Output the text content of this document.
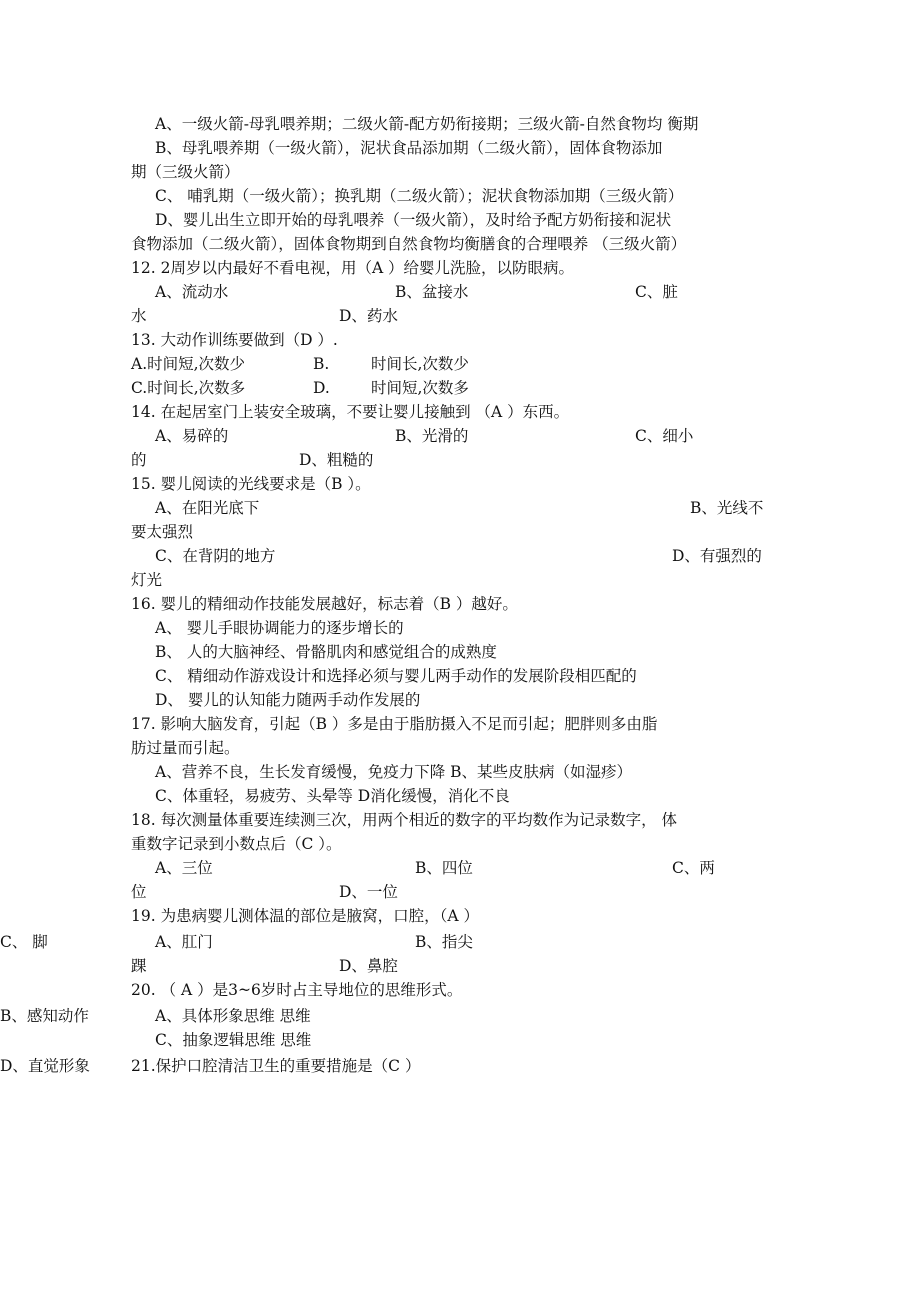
A、一级火箭-母乳喂养期；二级火箭-配方奶衔接期；三级火箭-自然食物均 衡期
B、母乳喂养期（一级火箭），泥状食品添加期（二级火箭），固体食物添加
期（三级火箭）
C、 哺乳期（一级火箭）；换乳期（二级火箭）；泥状食物添加期（三级火箭）
D、婴儿出生立即开始的母乳喂养（一级火箭），及时给予配方奶衔接和泥状
食物添加（二级火箭），固体食物期到自然食物均衡膳食的合理喂养 （三级火箭）
12. 2周岁以内最好不看电视，用（A ）给婴儿洗脸，以防眼病。
A、流动水	B、盆接水	C、脏
水	D、药水
13. 大动作训练要做到（D ）.
A.时间短,次数少	B.	时间长,次数少
C.时间长,次数多	D.	时间短,次数多
14. 在起居室门上装安全玻璃，不要让婴儿接触到 （A ）东西。
A、易碎的	B、光滑的	C、细小
的	D、粗糙的
15. 婴儿阅读的光线要求是（B ）。
A、在阳光底下	B、光线不
要太强烈
C、在背阴的地方	D、有强烈的
灯光
16. 婴儿的精细动作技能发展越好，标志着（B ）越好。
A、 婴儿手眼协调能力的逐步增长的
B、 人的大脑神经、骨骼肌肉和感觉组合的成熟度
C、 精细动作游戏设计和选择必须与婴儿两手动作的发展阶段相匹配的
D、 婴儿的认知能力随两手动作发展的
17. 影响大脑发育，引起（B ）多是由于脂肪摄入不足而引起；肥胖则多由脂
肪过量而引起。
A、营养不良，生长发育缓慢，免疫力下降 B、某些皮肤病（如湿疹）
C、体重轻，易疲劳、头晕等 D消化缓慢，消化不良
18. 每次测量体重要连续测三次，用两个相近的数字的平均数作为记录数字， 体
重数字记录到小数点后（C ）。
A、三位	B、四位	C、两
位	D、一位
19. 为患病婴儿测体温的部位是腋窝，口腔，（A ）
C、 脚	A、肛门	B、指尖
踝	D、鼻腔
20. （ A ）是3~6岁时占主导地位的思维形式。
B、感知动作	A、具体形象思维 思维
C、抽象逻辑思维 思维
D、直觉形象	21.保护口腔清洁卫生的重要措施是（C ）
